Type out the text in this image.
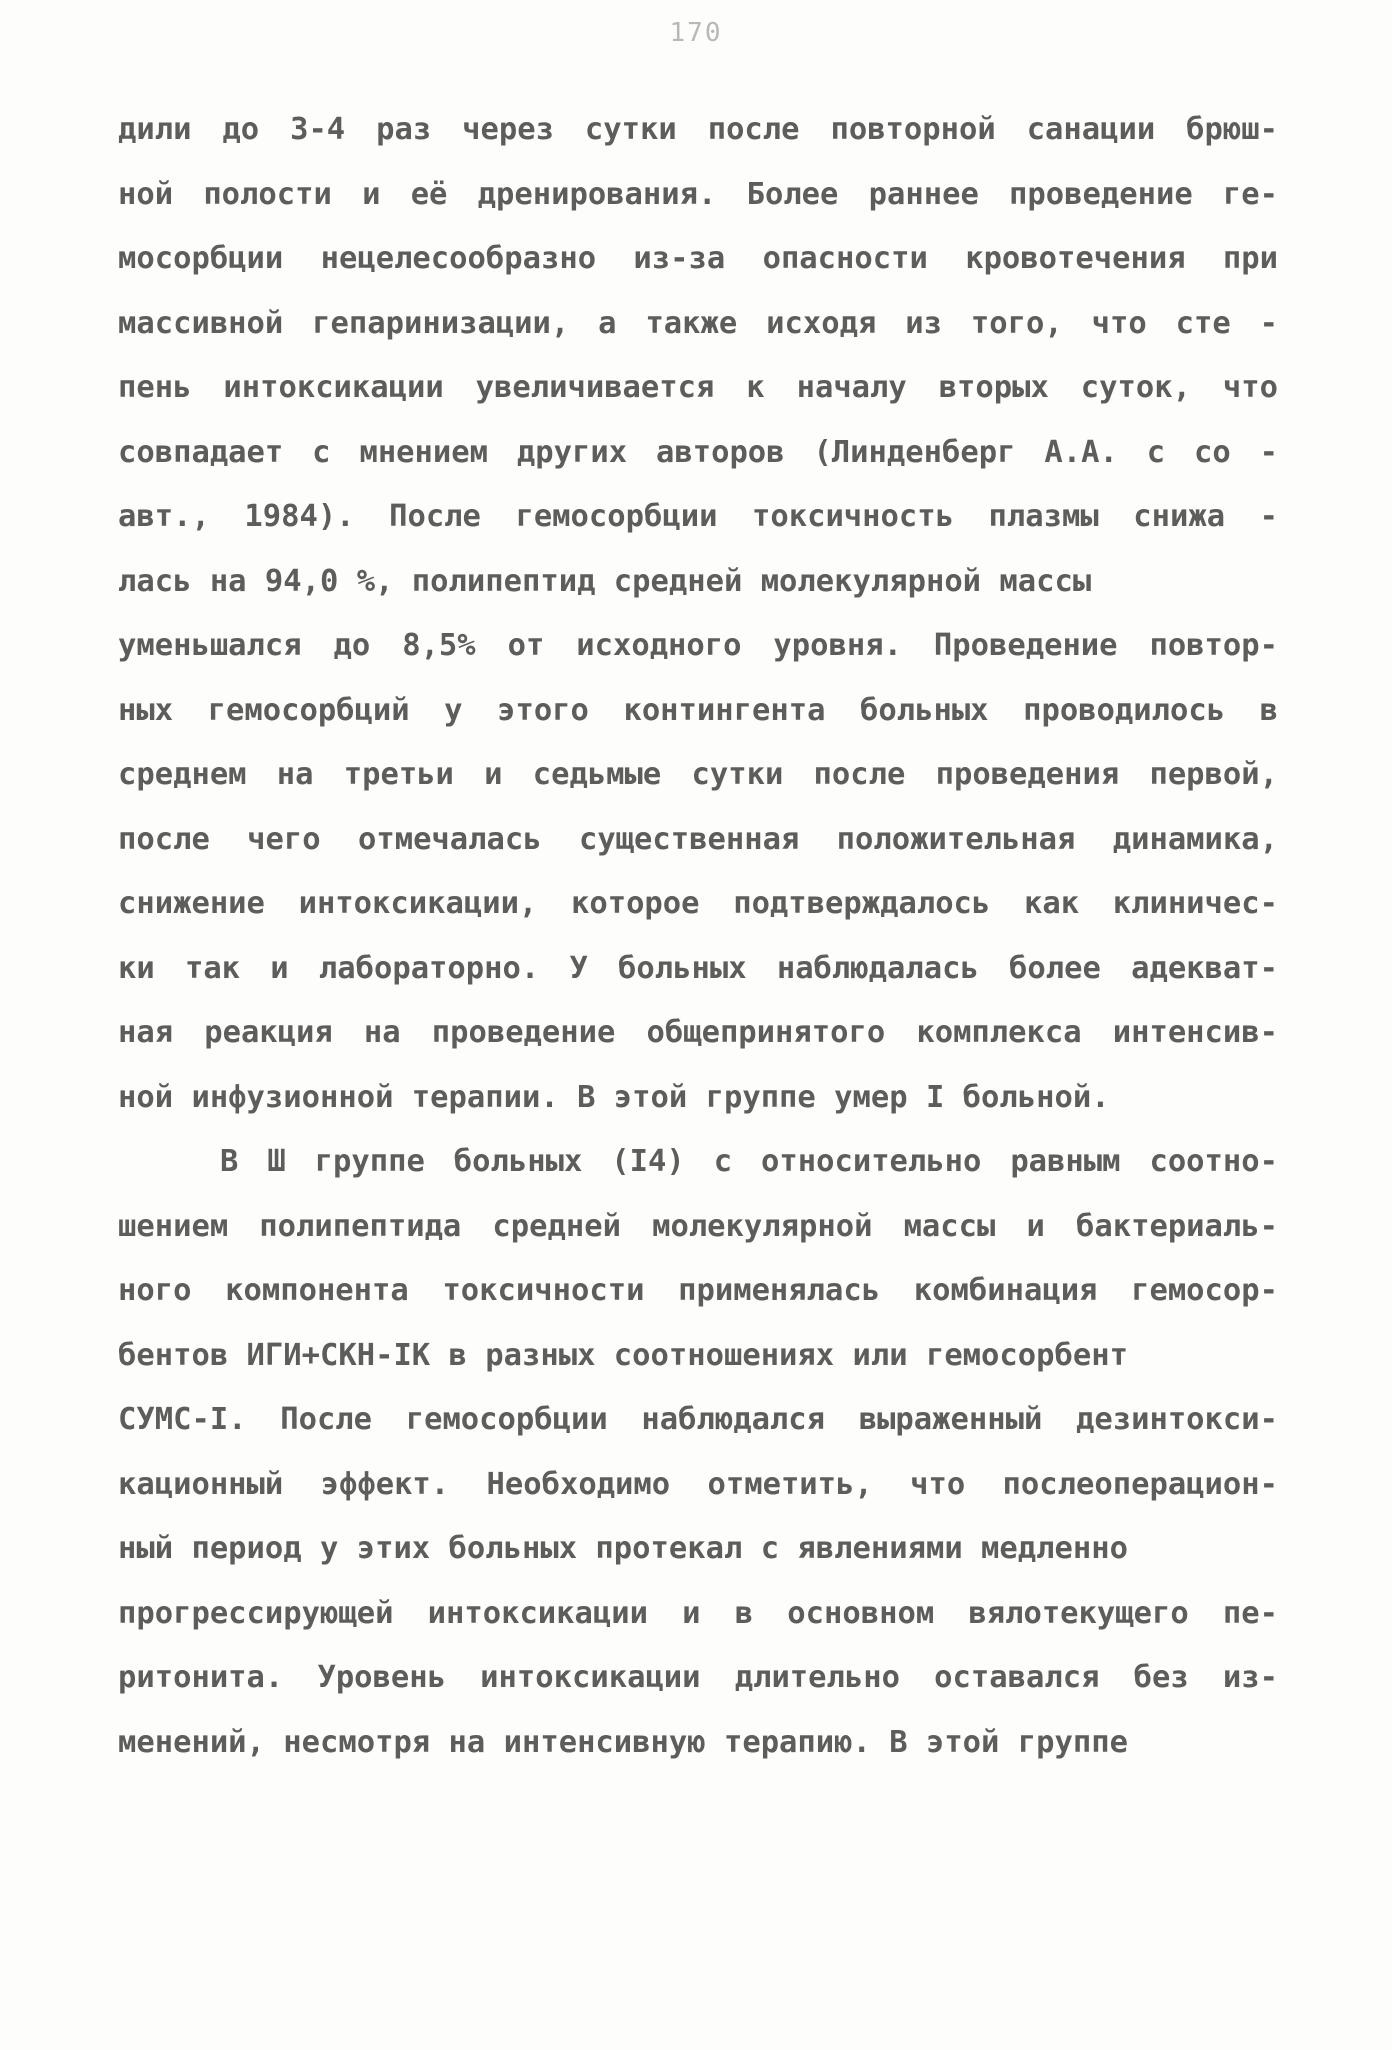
170
дили до 3-4 раз через сутки после повторной санации брюш-
ной полости и её дренирования. Более раннее проведение ге-
мосорбции нецелесообразно из-за опасности кровотечения при
массивной гепаринизации, а также исходя из того, что сте -
пень интоксикации увеличивается к началу вторых суток, что
совпадает с мнением других авторов (Линденберг А.А. с со -
авт., 1984). После гемосорбции токсичность плазмы снижа -
лась на 94,0 %, полипептид средней молекулярной массы
уменьшался до 8,5% от исходного уровня. Проведение повтор-
ных гемосорбций у этого контингента больных проводилось в
среднем на третьи и седьмые сутки после проведения первой,
после чего отмечалась существенная положительная динамика,
снижение интоксикации, которое подтверждалось как клиничес-
ки так и лабораторно. У больных наблюдалась более адекват-
ная реакция на проведение общепринятого комплекса интенсив-
ной инфузионной терапии. В этой группе умер I больной.
В Ш группе больных (I4) с относительно равным соотно-
шением полипептида средней молекулярной массы и бактериаль-
ного компонента токсичности применялась комбинация гемосор-
бентов ИГИ+СКН-IК в разных соотношениях или гемосорбент
СУМС-I. После гемосорбции наблюдался выраженный дезинтокси-
кационный эффект. Необходимо отметить, что послеоперацион-
ный период у этих больных протекал с явлениями медленно
прогрессирующей интоксикации и в основном вялотекущего пе-
ритонита. Уровень интоксикации длительно оставался без из-
менений, несмотря на интенсивную терапию. В этой группе
